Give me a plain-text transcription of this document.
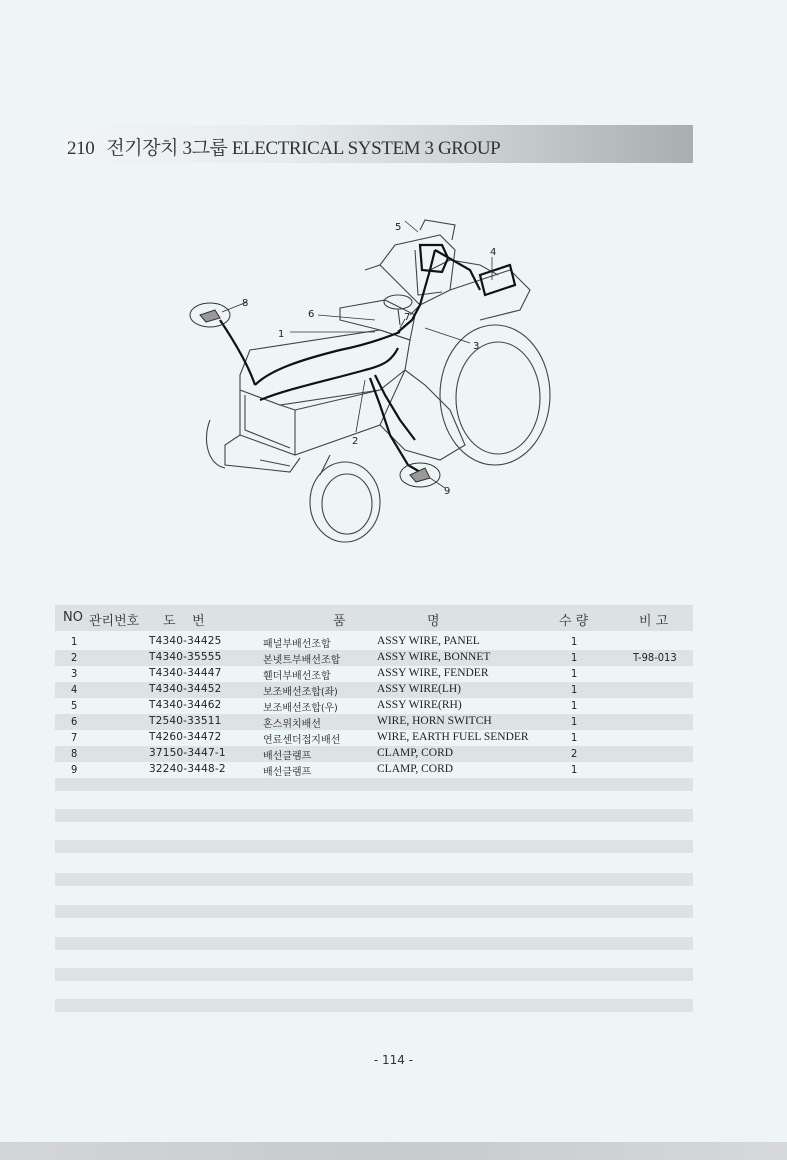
210 전기장치 3그룹 ELECTRICAL SYSTEM 3 GROUP
8
1
6
2
5
4
3
7
9
NO 관리번호 도    번	품	명	수 량	비 고
1	T4340-34425	패널부배선조합	ASSY WIRE, PANEL	1
2	T4340-35555	본넷트부배선조합	ASSY WIRE, BONNET	1	T-98-013
3	T4340-34447	휀더부배선조합	ASSY WIRE, FENDER	1
4	T4340-34452	보조배선조합(좌)	ASSY WIRE(LH)	1
5	T4340-34462	보조배선조합(우)	ASSY WIRE(RH)	1
6	T2540-33511	혼스위치배선	WIRE, HORN SWITCH	1
7	T4260-34472	연료센더접지배선	WIRE, EARTH FUEL SENDER	1
8	37150-3447-1	배선클램프	CLAMP, CORD	2
9	32240-3448-2	배선클램프	CLAMP, CORD	1
- 114 -
